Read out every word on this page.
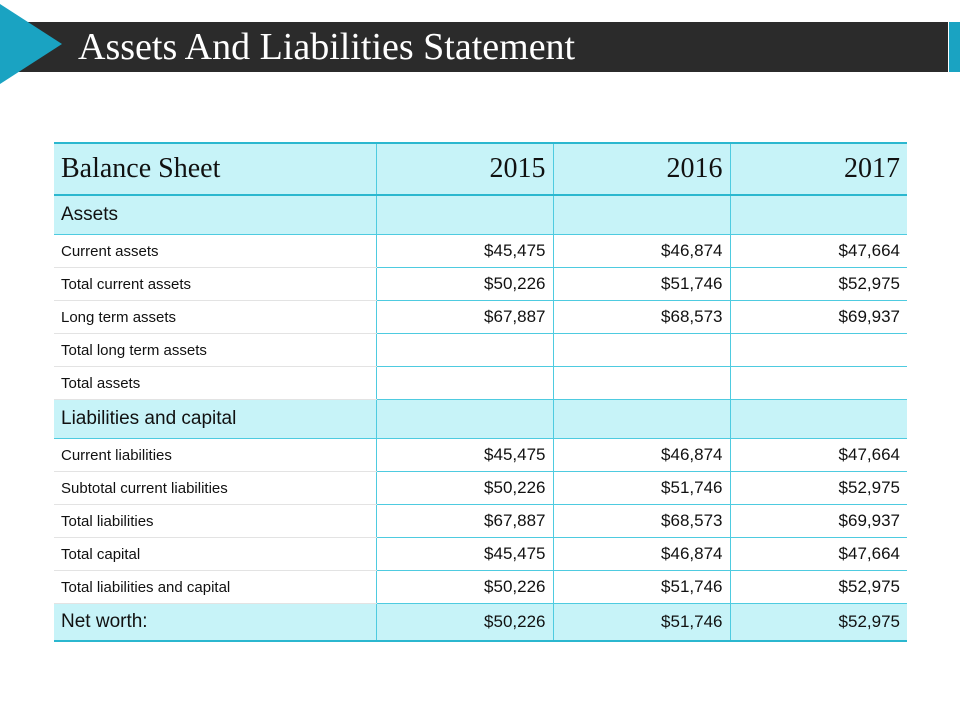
Assets And Liabilities Statement
Balance Sheet	2015	2016	2017
Assets			
Current assets	$45,475	$46,874	$47,664
Total current assets	$50,226	$51,746	$52,975
Long term assets	$67,887	$68,573	$69,937
Total long term assets			
Total assets			
Liabilities and capital			
Current liabilities	$45,475	$46,874	$47,664
Subtotal current liabilities	$50,226	$51,746	$52,975
Total liabilities	$67,887	$68,573	$69,937
Total capital	$45,475	$46,874	$47,664
Total liabilities and capital	$50,226	$51,746	$52,975
Net worth:	$50,226	$51,746	$52,975
